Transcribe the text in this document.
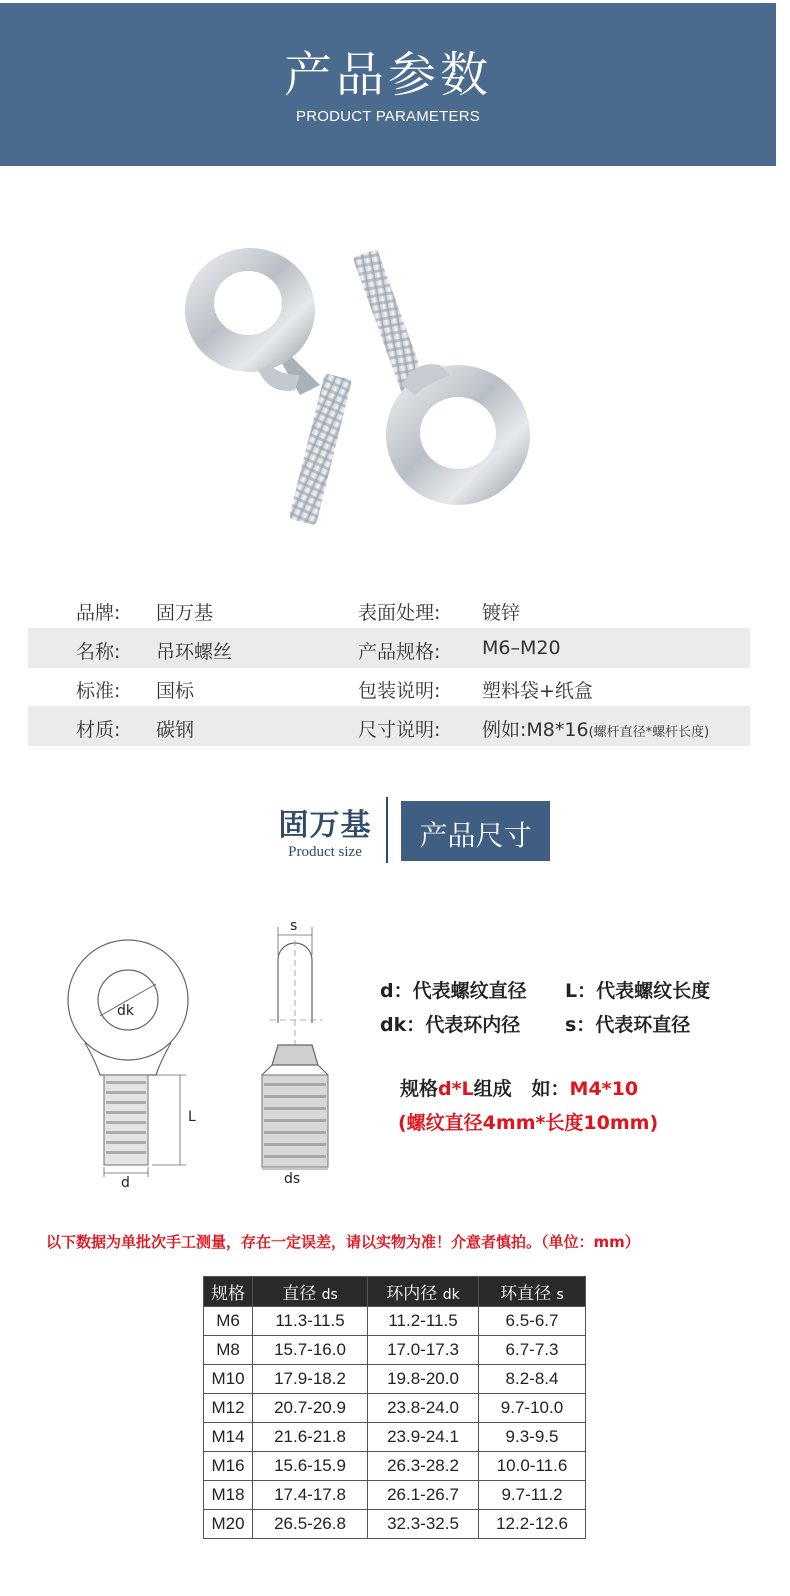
产品参数
PRODUCT PARAMETERS
品牌: 固万基	表面处理: 镀锌
名称: 吊环螺丝	产品规格: M6–M20
标准: 国标	包装说明: 塑料袋+纸盒
材质: 碳钢	尺寸说明: 例如:M8*16(螺杆直径*螺杆长度)
固万基
Product size	产品尺寸
dk
L
d
s
ds
d：代表螺纹直径 L：代表螺纹长度
dk：代表环内径 s：代表环直径
规格d*L组成   如：M4*10
(螺纹直径4mm*长度10mm)
以下数据为单批次手工测量，存在一定误差，请以实物为准！介意者慎拍。（单位：mm）
规格	直径 ds	环内径 dk	环直径 s
M6	11.3-11.5	11.2-11.5	6.5-6.7
M8	15.7-16.0	17.0-17.3	6.7-7.3
M10	17.9-18.2	19.8-20.0	8.2-8.4
M12	20.7-20.9	23.8-24.0	9.7-10.0
M14	21.6-21.8	23.9-24.1	9.3-9.5
M16	15.6-15.9	26.3-28.2	10.0-11.6
M18	17.4-17.8	26.1-26.7	9.7-11.2
M20	26.5-26.8	32.3-32.5	12.2-12.6
